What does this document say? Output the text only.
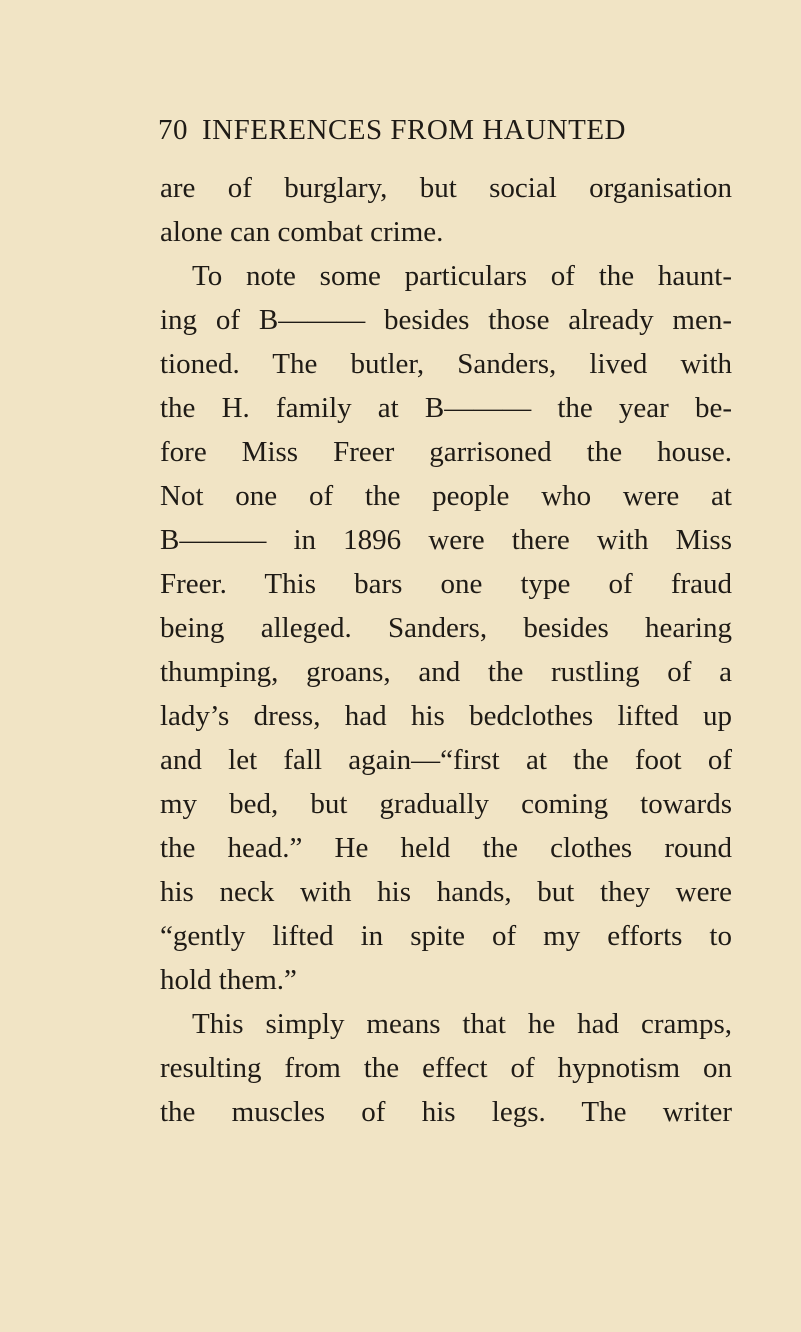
70 INFERENCES FROM HAUNTED
are of burglary, but social organisation
alone can combat crime.
To note some particulars of the haunt-
ing of B——— besides those already men-
tioned. The butler, Sanders, lived with
the H. family at B——— the year be-
fore Miss Freer garrisoned the house.
Not one of the people who were at
B——— in 1896 were there with Miss
Freer. This bars one type of fraud
being alleged. Sanders, besides hearing
thumping, groans, and the rustling of a
lady’s dress, had his bedclothes lifted up
and let fall again—“first at the foot of
my bed, but gradually coming towards
the head.” He held the clothes round
his neck with his hands, but they were
“gently lifted in spite of my efforts to
hold them.”
This simply means that he had cramps,
resulting from the effect of hypnotism on
the muscles of his legs. The writer
